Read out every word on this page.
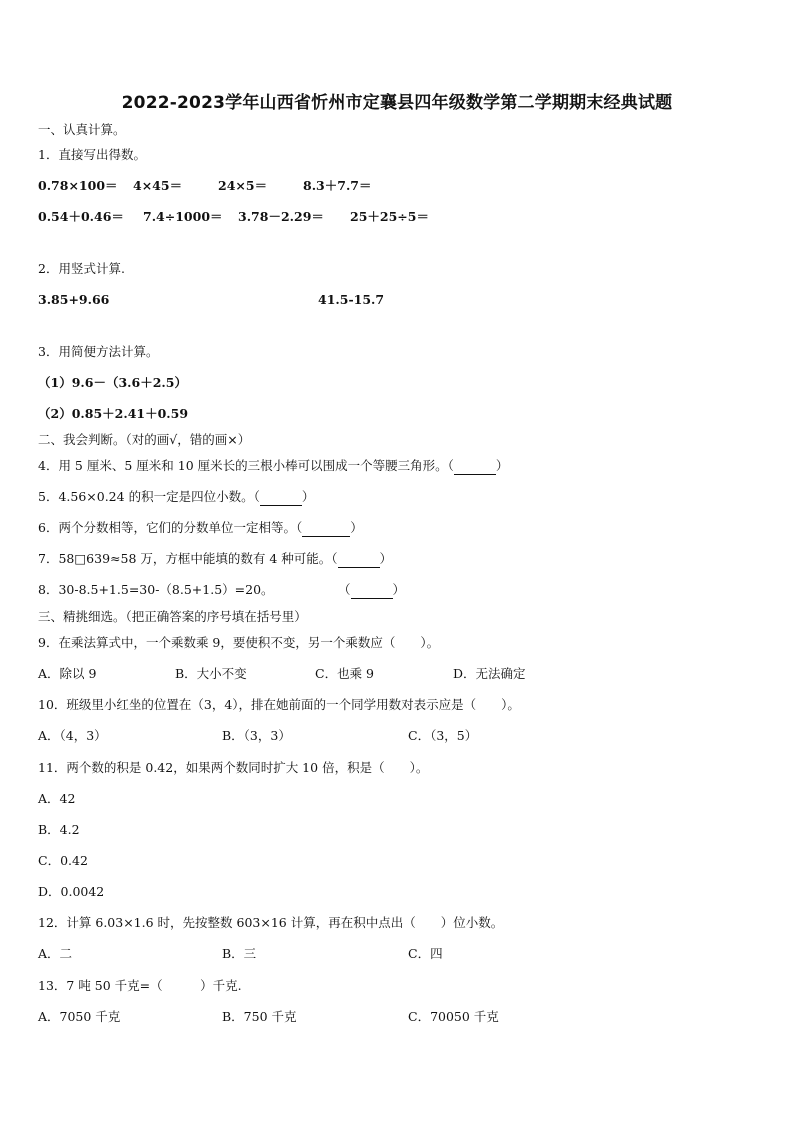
2022-2023学年山西省忻州市定襄县四年级数学第二学期期末经典试题
一、认真计算。
1．直接写出得数。
0.78×100＝ 4×45＝	24×5＝	8.3＋7.7＝
0.54＋0.46＝ 7.4÷1000＝ 3.78－2.29＝ 25＋25÷5＝
2．用竖式计算.
3.85+9.66	41.5-15.7
3．用简便方法计算。
（1）9.6－（3.6＋2.5）
（2）0.85＋2.41＋0.59
二、我会判断。（对的画√，错的画×）
4．用 5 厘米、5 厘米和 10 厘米长的三根小棒可以围成一个等腰三角形。（	）
5．4.56×0.24 的积一定是四位小数。（	）
6．两个分数相等，它们的分数单位一定相等。（	）
7．58□639≈58 万，方框中能填的数有 4 种可能。（	）
8．30-8.5+1.5=30-（8.5+1.5）=20。	（	）
三、精挑细选。（把正确答案的序号填在括号里）
9．在乘法算式中，一个乘数乘 9，要使积不变，另一个乘数应（　　）。
A．除以 9	B．大小不变	C．也乘 9	D．无法确定
10．班级里小红坐的位置在（3，4），排在她前面的一个同学用数对表示应是（　　）。
A．（4，3）	B．（3，3）	C．（3，5）
11．两个数的积是 0.42，如果两个数同时扩大 10 倍，积是（　　）。
A．42
B．4.2
C．0.42
D．0.0042
12．计算 6.03×1.6 时，先按整数 603×16 计算，再在积中点出（　　）位小数。
A．二	B．三	C．四
13．7 吨 50 千克=（　　　）千克.
A．7050 千克	B．750 千克	C．70050 千克
